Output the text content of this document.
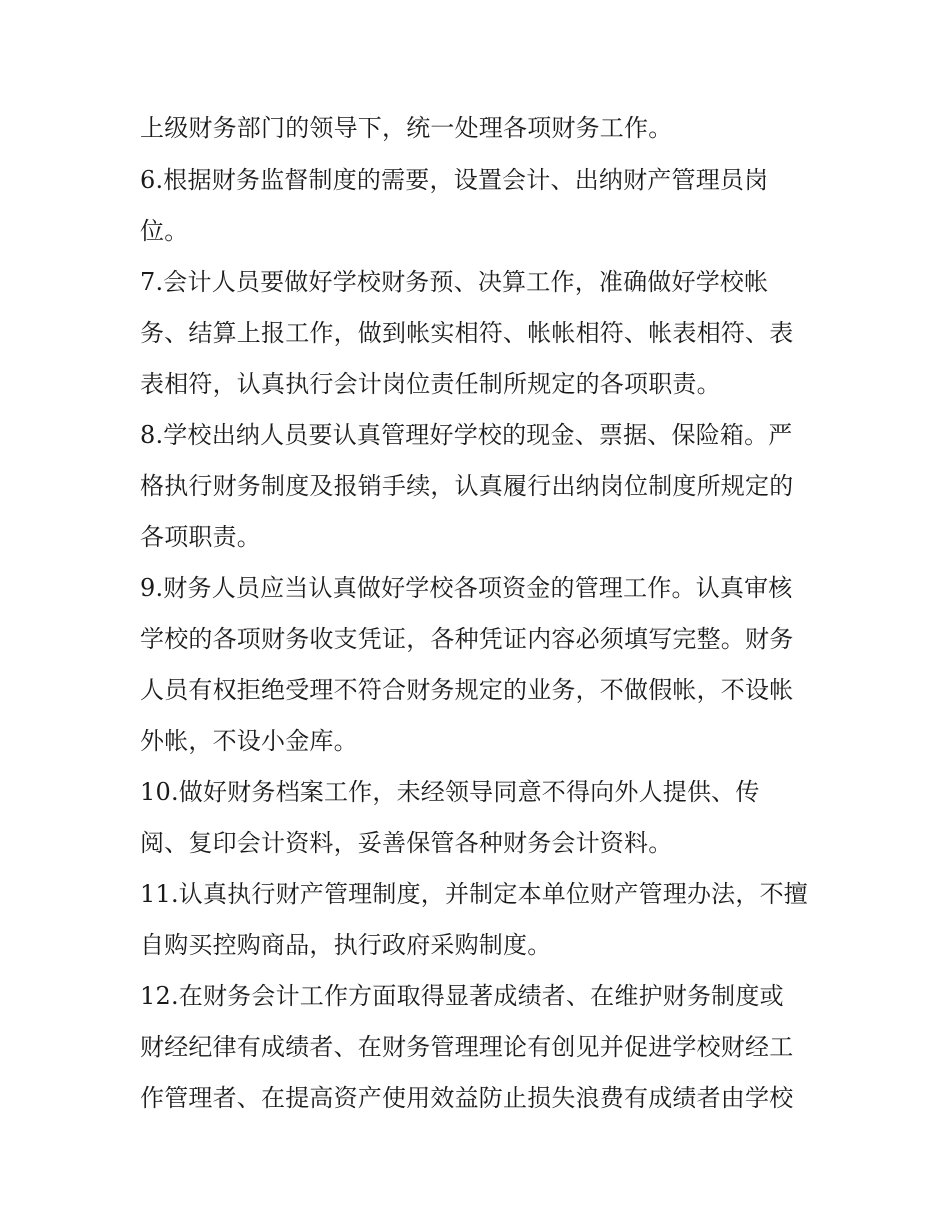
上级财务部门的领导下，统一处理各项财务工作。
6.根据财务监督制度的需要，设置会计、出纳财产管理员岗
位。
7.会计人员要做好学校财务预、决算工作，准确做好学校帐
务、结算上报工作，做到帐实相符、帐帐相符、帐表相符、表
表相符，认真执行会计岗位责任制所规定的各项职责。
8.学校出纳人员要认真管理好学校的现金、票据、保险箱。严
格执行财务制度及报销手续，认真履行出纳岗位制度所规定的
各项职责。
9.财务人员应当认真做好学校各项资金的管理工作。认真审核
学校的各项财务收支凭证，各种凭证内容必须填写完整。财务
人员有权拒绝受理不符合财务规定的业务，不做假帐，不设帐
外帐，不设小金库。
10.做好财务档案工作，未经领导同意不得向外人提供、传
阅、复印会计资料，妥善保管各种财务会计资料。
11.认真执行财产管理制度，并制定本单位财产管理办法，不擅
自购买控购商品，执行政府采购制度。
12.在财务会计工作方面取得显著成绩者、在维护财务制度或
财经纪律有成绩者、在财务管理理论有创见并促进学校财经工
作管理者、在提高资产使用效益防止损失浪费有成绩者由学校
